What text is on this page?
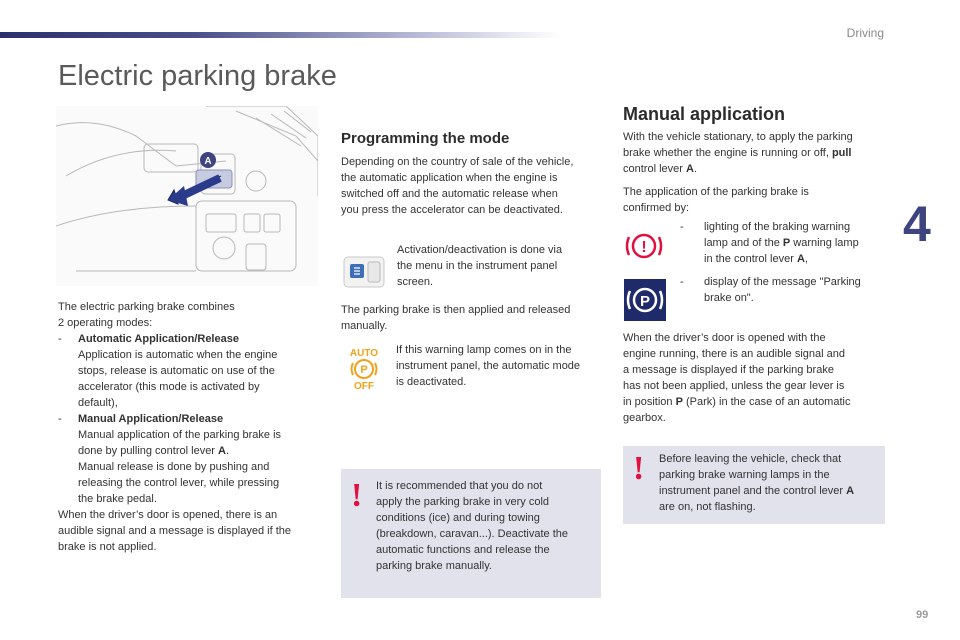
Driving
4
99
Electric parking brake
A

The electric parking brake combines
2 operating modes:

-	Automatic Application/Release
Application is automatic when the engine
stops, release is automatic on use of the
accelerator (this mode is activated by
default),
-	Manual Application/Release
Manual application of the parking brake is
done by pulling control lever A.
Manual release is done by pushing and
releasing the control lever, while pressing
the brake pedal.
When the driver’s door is opened, there is an
audible signal and a message is displayed if the
brake is not applied.
Programming the mode

Depending on the country of sale of the vehicle,
the automatic application when the engine is
switched off and the automatic release when
you press the accelerator can be deactivated.

Activation/deactivation is done via
the menu in the instrument panel
screen.

The parking brake is then applied and released
manually.

AUTO
P
OFF

If this warning lamp comes on in the
instrument panel, the automatic mode
is deactivated.

! It is recommended that you do not
apply the parking brake in very cold
conditions (ice) and during towing
(breakdown, caravan...). Deactivate the
automatic functions and release the
parking brake manually.

Manual application

With the vehicle stationary, to apply the parking
brake whether the engine is running or off, pull
control lever A.

The application of the parking brake is
confirmed by:

!
-	lighting of the braking warning
lamp and of the P warning lamp
in the control lever A,
P
-	display of the message "Parking
brake on".

When the driver’s door is opened with the
engine running, there is an audible signal and
a message is displayed if the parking brake
has not been applied, unless the gear lever is
in position P (Park) in the case of an automatic
gearbox.

! Before leaving the vehicle, check that
parking brake warning lamps in the
instrument panel and the control lever A
are on, not flashing.
